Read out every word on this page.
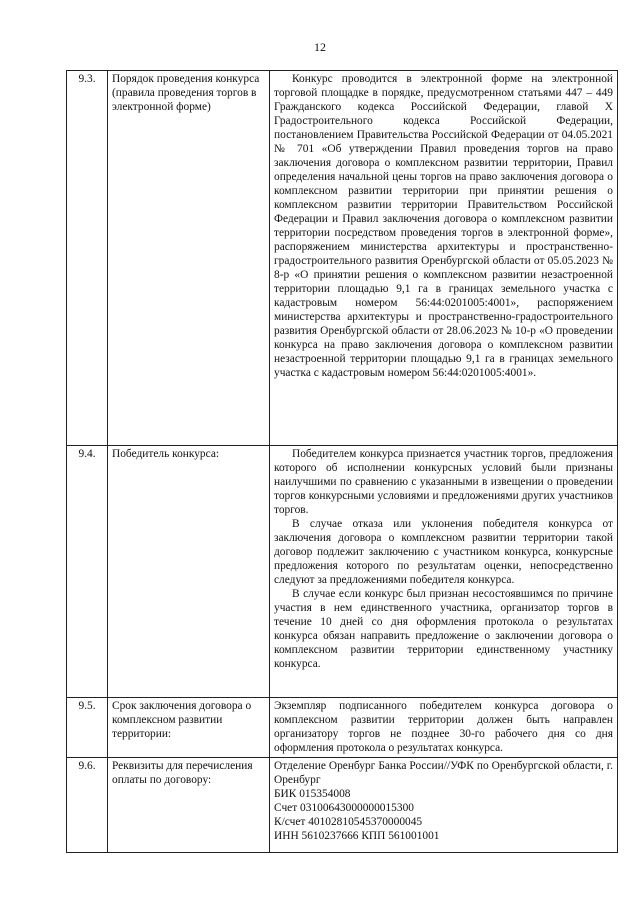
12
9.3.	Порядок проведения конкурса (правила проведения торгов в электронной форме)	Конкурс проводится в электронной форме на электронной торговой площадке в порядке, предусмотренном статьями 447 – 449 Гражданского кодекса Российской Федерации, главой X Градостроительного кодекса Российской Федерации, постановлением Правительства Российской Федерации от 04.05.2021 № 701 «Об утверждении Правил проведения торгов на право заключения договора о комплексном развитии территории, Правил определения начальной цены торгов на право заключения договора о комплексном развитии территории при принятии решения о комплексном развитии территории Правительством Российской Федерации и Правил заключения договора о комплексном развитии территории посредством проведения торгов в электронной форме», распоряжением министерства архитектуры и пространственно-градостроительного развития Оренбургской области от 05.05.2023 № 8-р «О принятии решения о комплексном развитии незастроенной территории площадью 9,1 га в границах земельного участка с кадастровым номером 56:44:0201005:4001», распоряжением министерства архитектуры и пространственно-градостроительного развития Оренбургской области от 28.06.2023 № 10-р «О проведении конкурса на право заключения договора о комплексном развитии незастроенной территории площадью 9,1 га в границах земельного участка с кадастровым номером 56:44:0201005:4001».

9.4.	Победитель конкурса:	Победителем конкурса признается участник торгов, предложения которого об исполнении конкурсных условий были признаны наилучшими по сравнению с указанными в извещении о проведении торгов конкурсными условиями и предложениями других участников торгов.

В случае отказа или уклонения победителя конкурса от заключения договора о комплексном развитии территории такой договор подлежит заключению с участником конкурса, конкурсные предложения которого по результатам оценки, непосредственно следуют за предложениями победителя конкурса.

В случае если конкурс был признан несостоявшимся по причине участия в нем единственного участника, организатор торгов в течение 10 дней со дня оформления протокола о результатах конкурса обязан направить предложение о заключении договора о комплексном развитии территории единственному участнику конкурса.

9.5.	Срок заключения договора о комплексном развитии территории:	Экземпляр подписанного победителем конкурса договора о комплексном развитии территории должен быть направлен организатору торгов не позднее 30-го рабочего дня со дня оформления протокола о результатах конкурса.

9.6.	Реквизиты для перечисления оплаты по договору:	Отделение Оренбург Банка России//УФК по Оренбургской области, г. Оренбург

БИК 015354008
Счет 03100643000000015300
К/счет 40102810545370000045
ИНН 5610237666 КПП 561001001
